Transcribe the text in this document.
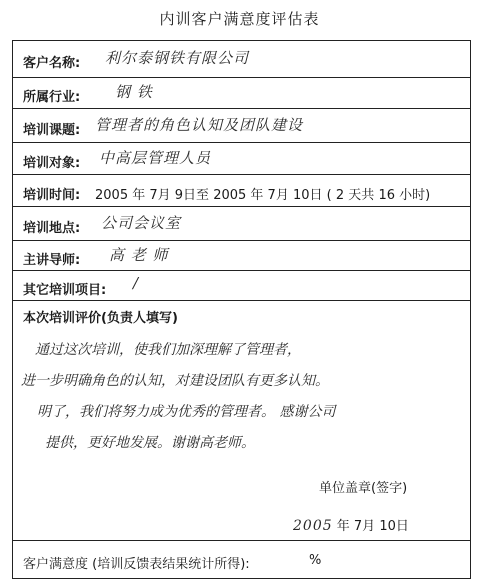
内训客户满意度评估表
客户名称: 利尔泰钢铁有限公司
所属行业: 钢 铁
培训课题: 管理者的角色认知及团队建设
培训对象: 中高层管理人员
培训时间: 2005 年 7月 9日至 2005 年 7月 10日 ( 2 天共 16 小时)
培训地点: 公司会议室
主讲导师: 高 老 师
其它培训项目: /
本次培训评价(负责人填写)
通过这次培训，使我们加深理解了管理者，
进一步明确角色的认知，对建设团队有更多认知。
明了，我们将努力成为优秀的管理者。 感谢公司
提供，更好地发展。谢谢高老师。
单位盖章(签字)
2005 年 7月 10日
客户满意度 (培训反馈表结果统计所得):	%
